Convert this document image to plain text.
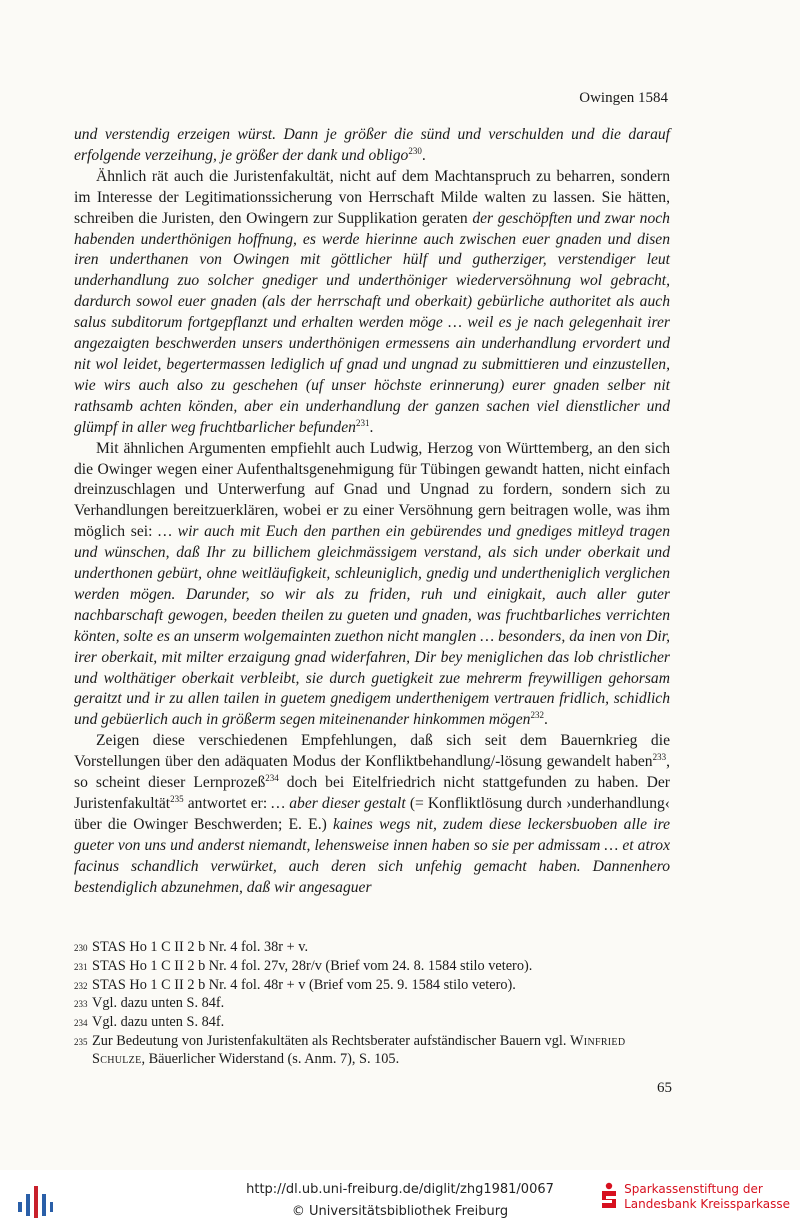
Owingen 1584

und verstendig erzeigen würst. Dann je größer die sünd und verschulden und die darauf erfolgende verzeihung, je größer der dank und obligo$^{230}$.

Ähnlich rät auch die Juristenfakultät, nicht auf dem Machtanspruch zu beharren, sondern im Interesse der Legitimationssicherung von Herrschaft Milde walten zu lassen. Sie hätten, schreiben die Juristen, den Owingern zur Supplikation geraten der geschöpften und zwar noch habenden underthönigen hoffnung, es werde hierinne auch zwischen euer gnaden und disen iren underthanen von Owingen mit göttlicher hülf und gutherziger, verstendiger leut underhandlung zuo solcher gnediger und underthöniger wiederversöhnung wol gebracht, dardurch sowol euer gnaden (als der herrschaft und oberkait) gebürliche authoritet als auch salus subditorum fortgepflanzt und erhalten werden möge … weil es je nach gelegenhait irer angezaigten beschwerden unsers underthönigen ermessens ain underhandlung ervordert und nit wol leidet, begertermassen lediglich uf gnad und ungnad zu submittieren und einzustellen, wie wirs auch also zu geschehen (uf unser höchste erinnerung) eurer gnaden selber nit rathsamb achten könden, aber ein underhandlung der ganzen sachen viel dienstlicher und glümpf in aller weg fruchtbarlicher befunden$^{231}$.

Mit ähnlichen Argumenten empfiehlt auch Ludwig, Herzog von Württemberg, an den sich die Owinger wegen einer Aufenthaltsgenehmigung für Tübingen gewandt hatten, nicht einfach dreinzuschlagen und Unterwerfung auf Gnad und Ungnad zu fordern, sondern sich zu Verhandlungen bereitzuerklären, wobei er zu einer Versöhnung gern beitragen wolle, was ihm möglich sei: … wir auch mit Euch den parthen ein gebürendes und gnediges mitleyd tragen und wünschen, daß Ihr zu billichem gleichmässigem verstand, als sich under oberkait und underthonen gebürt, ohne weitläufigkeit, schleuniglich, gnedig und undertheniglich verglichen werden mögen. Darunder, so wir als zu friden, ruh und einigkait, auch aller guter nachbarschaft gewogen, beeden theilen zu gueten und gnaden, was fruchtbarliches verrichten könten, solte es an unserm wolgemainten zuethon nicht manglen … besonders, da inen von Dir, irer oberkait, mit milter erzaigung gnad widerfahren, Dir bey meniglichen das lob christlicher und wolthätiger oberkait verbleibt, sie durch guetigkeit zue mehrerm freywilligen gehorsam geraitzt und ir zu allen tailen in guetem gnedigem underthenigem vertrauen fridlich, schidlich und gebüerlich auch in größerm segen miteinenander hinkommen mögen$^{232}$.

Zeigen diese verschiedenen Empfehlungen, daß sich seit dem Bauernkrieg die Vorstellungen über den adäquaten Modus der Konfliktbehandlung/-lösung gewandelt haben$^{233}$, so scheint dieser Lernprozeß$^{234}$ doch bei Eitelfriedrich nicht stattgefunden zu haben. Der Juristenfakultät$^{235}$ antwortet er: … aber dieser gestalt (= Konfliktlösung durch ›underhandlung‹ über die Owinger Beschwerden; E. E.) kaines wegs nit, zudem diese leckersbuoben alle ire gueter von uns und anderst niemandt, lehensweise innen haben so sie per admissam … et atrox facinus schandlich verwürket, auch deren sich unfehig gemacht haben. Dannenhero bestendiglich abzunehmen, daß wir angesaguer

230 STAS Ho 1 C II 2 b Nr. 4 fol. 38r + v.
231 STAS Ho 1 C II 2 b Nr. 4 fol. 27v, 28r/v (Brief vom 24. 8. 1584 stilo vetero).
232 STAS Ho 1 C II 2 b Nr. 4 fol. 48r + v (Brief vom 25. 9. 1584 stilo vetero).
233 Vgl. dazu unten S. 84f.
234 Vgl. dazu unten S. 84f.
235 Zur Bedeutung von Juristenfakultäten als Rechtsberater aufständischer Bauern vgl. Winfried Schulze, Bäuerlicher Widerstand (s. Anm. 7), S. 105.
65
http://dl.ub.uni-freiburg.de/diglit/zhg1981/0067
© Universitätsbibliothek Freiburg
Sparkassenstiftung der
Landesbank Kreissparkasse
